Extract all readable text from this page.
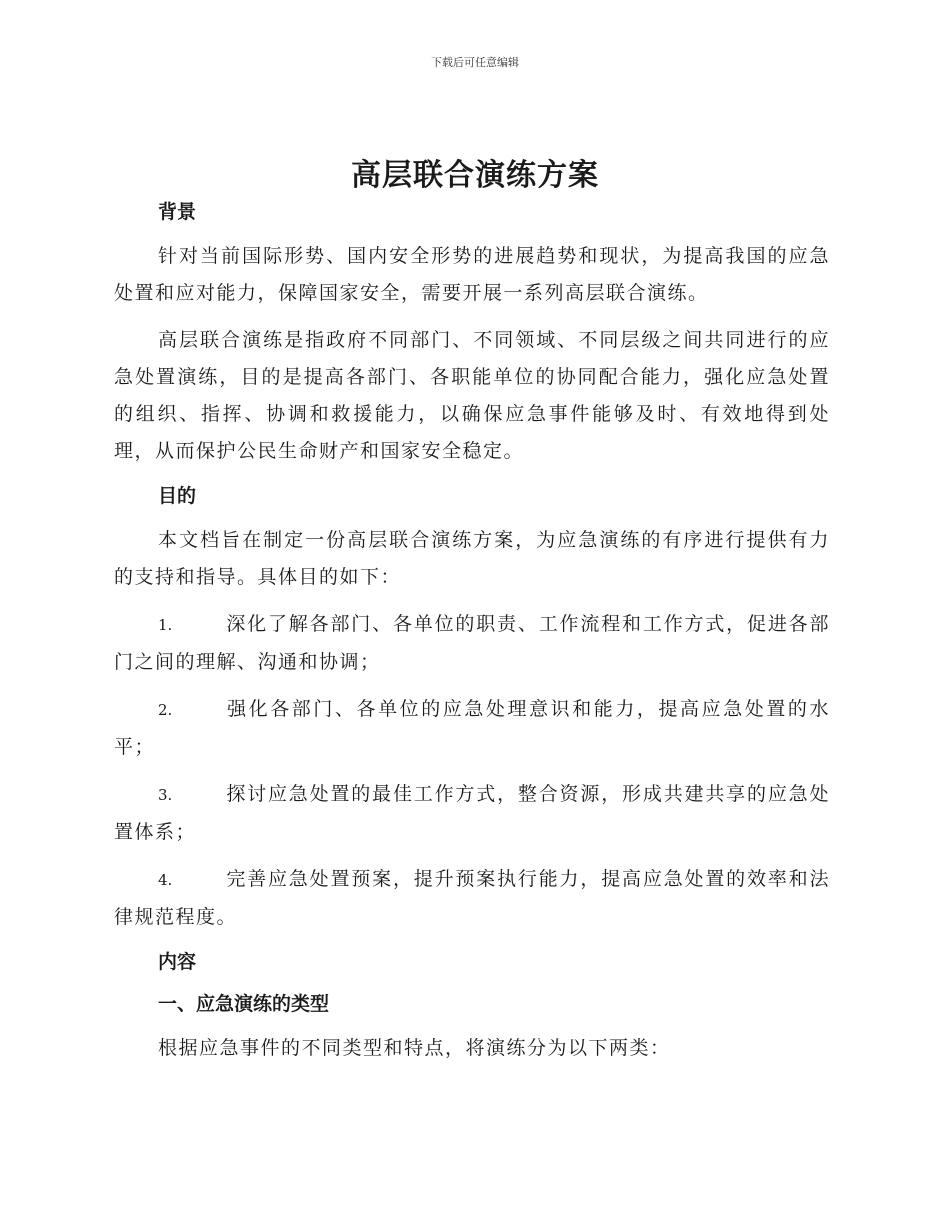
下载后可任意编辑
高层联合演练方案
背景

针对当前国际形势、国内安全形势的进展趋势和现状，为提高我国的应急处置和应对能力，保障国家安全，需要开展一系列高层联合演练。

高层联合演练是指政府不同部门、不同领域、不同层级之间共同进行的应急处置演练，目的是提高各部门、各职能单位的协同配合能力，强化应急处置的组织、指挥、协调和救援能力，以确保应急事件能够及时、有效地得到处理，从而保护公民生命财产和国家安全稳定。

目的

本文档旨在制定一份高层联合演练方案，为应急演练的有序进行提供有力的支持和指导。具体目的如下：

1.	深化了解各部门、各单位的职责、工作流程和工作方式，促进各部门之间的理解、沟通和协调；

2.	强化各部门、各单位的应急处理意识和能力，提高应急处置的水平；

3.	探讨应急处置的最佳工作方式，整合资源，形成共建共享的应急处置体系；

4.	完善应急处置预案，提升预案执行能力，提高应急处置的效率和法律规范程度。

内容
一、应急演练的类型

根据应急事件的不同类型和特点，将演练分为以下两类：
